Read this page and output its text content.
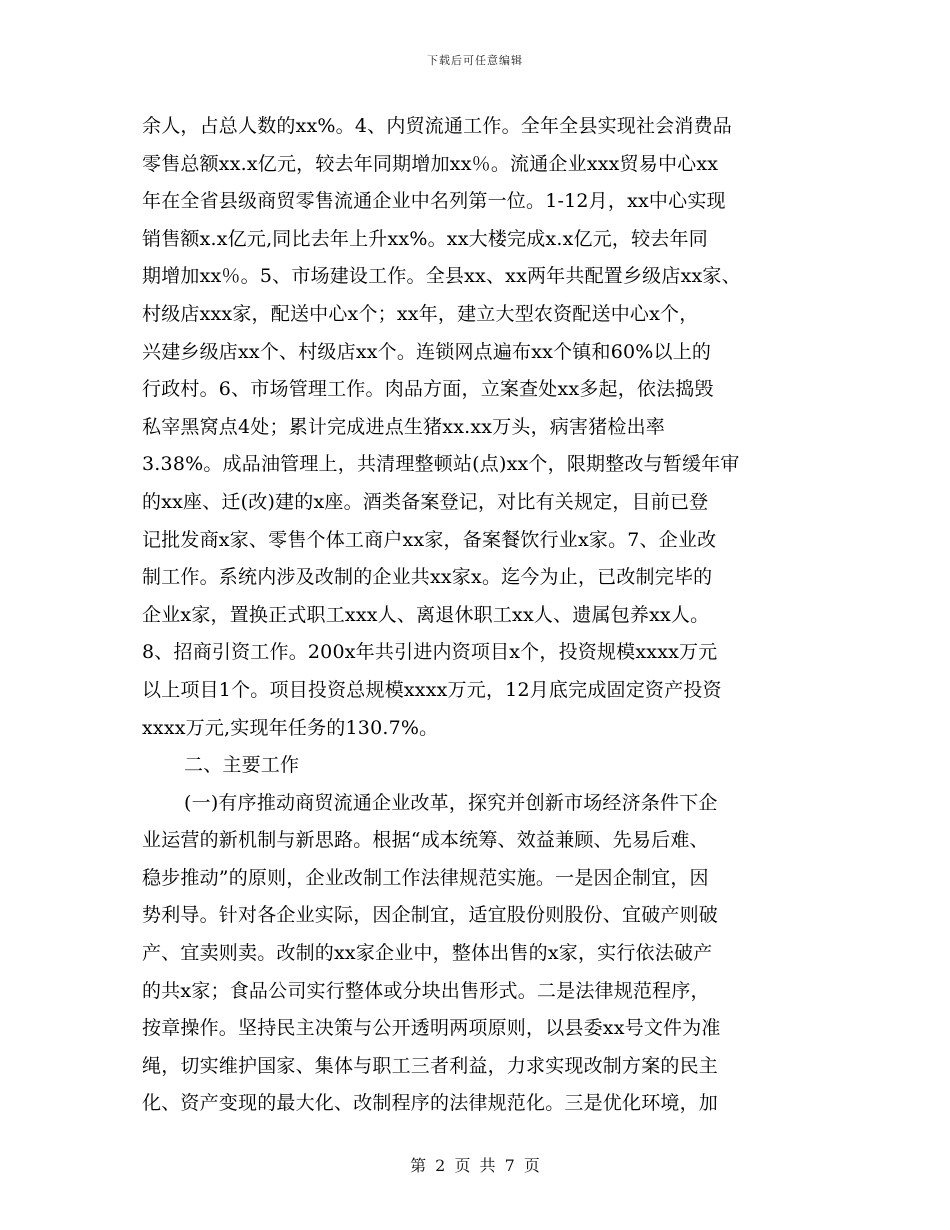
下载后可任意编辑
余人，占总人数的xx%。4、内贸流通工作。全年全县实现社会消费品
零售总额xx.x亿元，较去年同期增加xx％。流通企业xxx贸易中心xx
年在全省县级商贸零售流通企业中名列第一位。1-12月，xx中心实现
销售额x.x亿元,同比去年上升xx%。xx大楼完成x.x亿元，较去年同
期增加xx％。5、市场建设工作。全县xx、xx两年共配置乡级店xx家、
村级店xxx家，配送中心x个；xx年，建立大型农资配送中心x个，
兴建乡级店xx个、村级店xx个。连锁网点遍布xx个镇和60%以上的
行政村。6、市场管理工作。肉品方面，立案查处xx多起，依法捣毁
私宰黑窝点4处；累计完成进点生猪xx.xx万头，病害猪检出率
3.38%。成品油管理上，共清理整顿站(点)xx个，限期整改与暂缓年审
的xx座、迁(改)建的x座。酒类备案登记，对比有关规定，目前已登
记批发商x家、零售个体工商户xx家，备案餐饮行业x家。7、企业改
制工作。系统内涉及改制的企业共xx家x。迄今为止，已改制完毕的
企业x家，置换正式职工xxx人、离退休职工xx人、遗属包养xx人。
8、招商引资工作。200x年共引进内资项目x个，投资规模xxxx万元
以上项目1个。项目投资总规模xxxx万元，12月底完成固定资产投资
xxxx万元,实现年任务的130.7%。
二、主要工作
(一)有序推动商贸流通企业改革，探究并创新市场经济条件下企
业运营的新机制与新思路。根据“成本统筹、效益兼顾、先易后难、
稳步推动”的原则，企业改制工作法律规范实施。一是因企制宜，因
势利导。针对各企业实际，因企制宜，适宜股份则股份、宜破产则破
产、宜卖则卖。改制的xx家企业中，整体出售的x家，实行依法破产
的共x家；食品公司实行整体或分块出售形式。二是法律规范程序，
按章操作。坚持民主决策与公开透明两项原则，以县委xx号文件为准
绳，切实维护国家、集体与职工三者利益，力求实现改制方案的民主
化、资产变现的最大化、改制程序的法律规范化。三是优化环境，加
第 2 页 共 7 页
